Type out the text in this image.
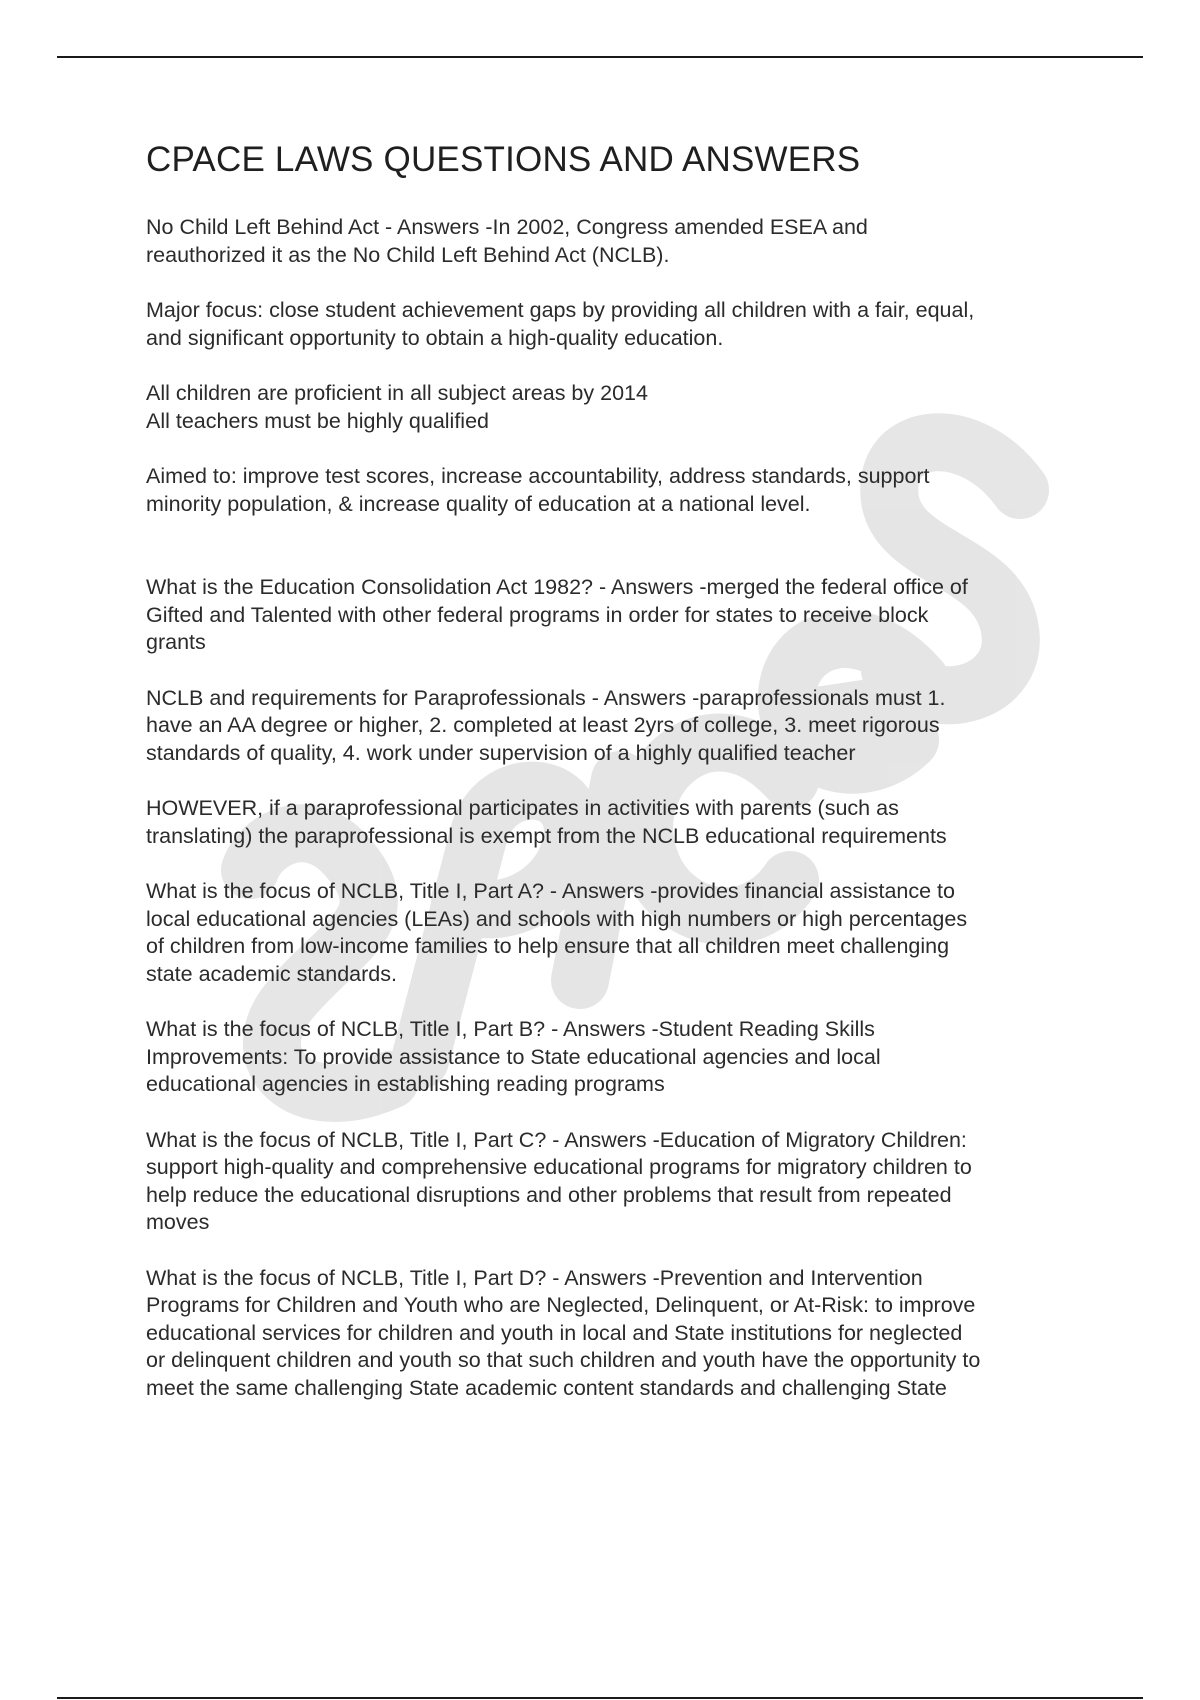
CPACE LAWS QUESTIONS AND ANSWERS

No Child Left Behind Act - Answers -In 2002, Congress amended ESEA and
reauthorized it as the No Child Left Behind Act (NCLB).

Major focus: close student achievement gaps by providing all children with a fair, equal,
and significant opportunity to obtain a high-quality education.

All children are proficient in all subject areas by 2014
All teachers must be highly qualified

Aimed to: improve test scores, increase accountability, address standards, support
minority population, & increase quality of education at a national level.

What is the Education Consolidation Act 1982? - Answers -merged the federal office of
Gifted and Talented with other federal programs in order for states to receive block
grants

NCLB and requirements for Paraprofessionals - Answers -paraprofessionals must 1.
have an AA degree or higher, 2. completed at least 2yrs of college, 3. meet rigorous
standards of quality, 4. work under supervision of a highly qualified teacher

HOWEVER, if a paraprofessional participates in activities with parents (such as
translating) the paraprofessional is exempt from the NCLB educational requirements

What is the focus of NCLB, Title I, Part A? - Answers -provides financial assistance to
local educational agencies (LEAs) and schools with high numbers or high percentages
of children from low-income families to help ensure that all children meet challenging
state academic standards.

What is the focus of NCLB, Title I, Part B? - Answers -Student Reading Skills
Improvements: To provide assistance to State educational agencies and local
educational agencies in establishing reading programs

What is the focus of NCLB, Title I, Part C? - Answers -Education of Migratory Children:
support high-quality and comprehensive educational programs for migratory children to
help reduce the educational disruptions and other problems that result from repeated
moves

What is the focus of NCLB, Title I, Part D? - Answers -Prevention and Intervention
Programs for Children and Youth who are Neglected, Delinquent, or At-Risk: to improve
educational services for children and youth in local and State institutions for neglected
or delinquent children and youth so that such children and youth have the opportunity to
meet the same challenging State academic content standards and challenging State
